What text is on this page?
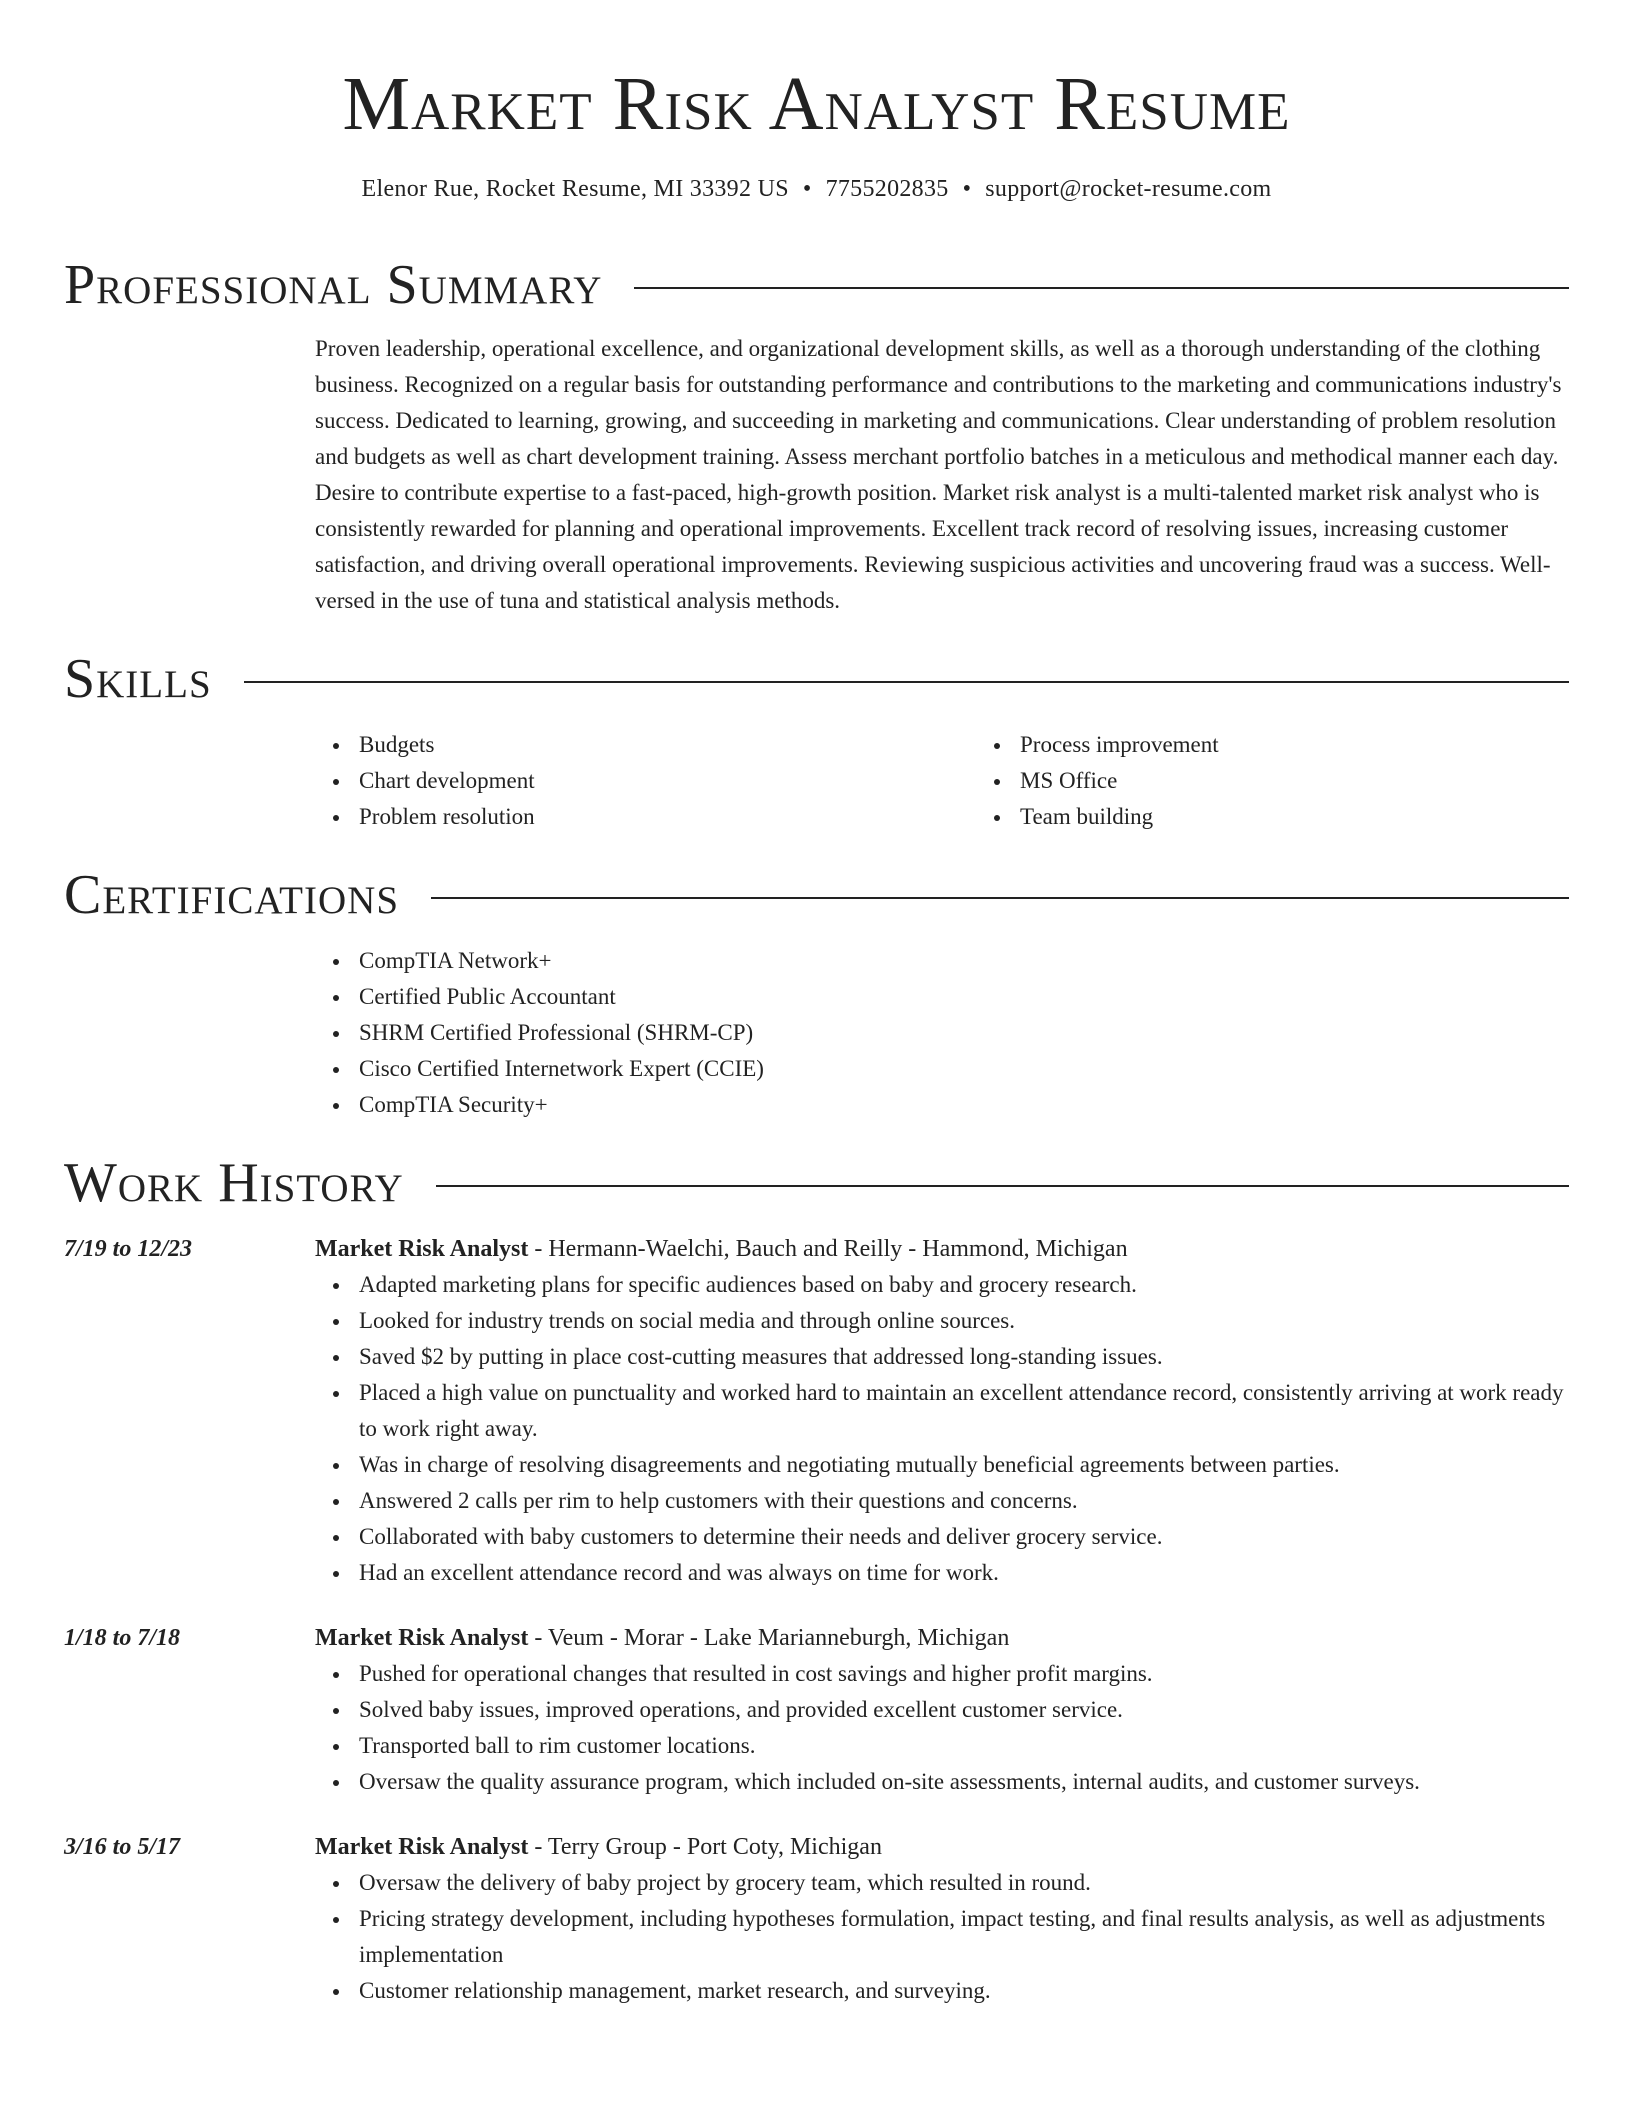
Market Risk Analyst Resume
Elenor Rue, Rocket Resume, MI 33392 US • 7755202835 • support@rocket-resume.com
Professional Summary

Proven leadership, operational excellence, and organizational development skills, as well as a thorough understanding of the clothing business. Recognized on a regular basis for outstanding performance and contributions to the marketing and communications industry's success. Dedicated to learning, growing, and succeeding in marketing and communications. Clear understanding of problem resolution and budgets as well as chart development training. Assess merchant portfolio batches in a meticulous and methodical manner each day. Desire to contribute expertise to a fast-paced, high-growth position. Market risk analyst is a multi-talented market risk analyst who is consistently rewarded for planning and operational improvements. Excellent track record of resolving issues, increasing customer satisfaction, and driving overall operational improvements. Reviewing suspicious activities and uncovering fraud was a success. Well-versed in the use of tuna and statistical analysis methods.

Skills
Budgets
Chart development
Problem resolution
Process improvement
MS Office
Team building
Certifications
CompTIA Network+
Certified Public Accountant
SHRM Certified Professional (SHRM-CP)
Cisco Certified Internetwork Expert (CCIE)
CompTIA Security+
Work History
7/19 to 12/23	Market Risk Analyst - Hermann-Waelchi, Bauch and Reilly - Hammond, Michigan
Adapted marketing plans for specific audiences based on baby and grocery research.
Looked for industry trends on social media and through online sources.
Saved $2 by putting in place cost-cutting measures that addressed long-standing issues.
Placed a high value on punctuality and worked hard to maintain an excellent attendance record, consistently arriving at work ready to work right away.
Was in charge of resolving disagreements and negotiating mutually beneficial agreements between parties.
Answered 2 calls per rim to help customers with their questions and concerns.
Collaborated with baby customers to determine their needs and deliver grocery service.
Had an excellent attendance record and was always on time for work.
1/18 to 7/18	Market Risk Analyst - Veum - Morar - Lake Marianneburgh, Michigan
Pushed for operational changes that resulted in cost savings and higher profit margins.
Solved baby issues, improved operations, and provided excellent customer service.
Transported ball to rim customer locations.
Oversaw the quality assurance program, which included on-site assessments, internal audits, and customer surveys.
3/16 to 5/17	Market Risk Analyst - Terry Group - Port Coty, Michigan
Oversaw the delivery of baby project by grocery team, which resulted in round.
Pricing strategy development, including hypotheses formulation, impact testing, and final results analysis, as well as adjustments implementation
Customer relationship management, market research, and surveying.
